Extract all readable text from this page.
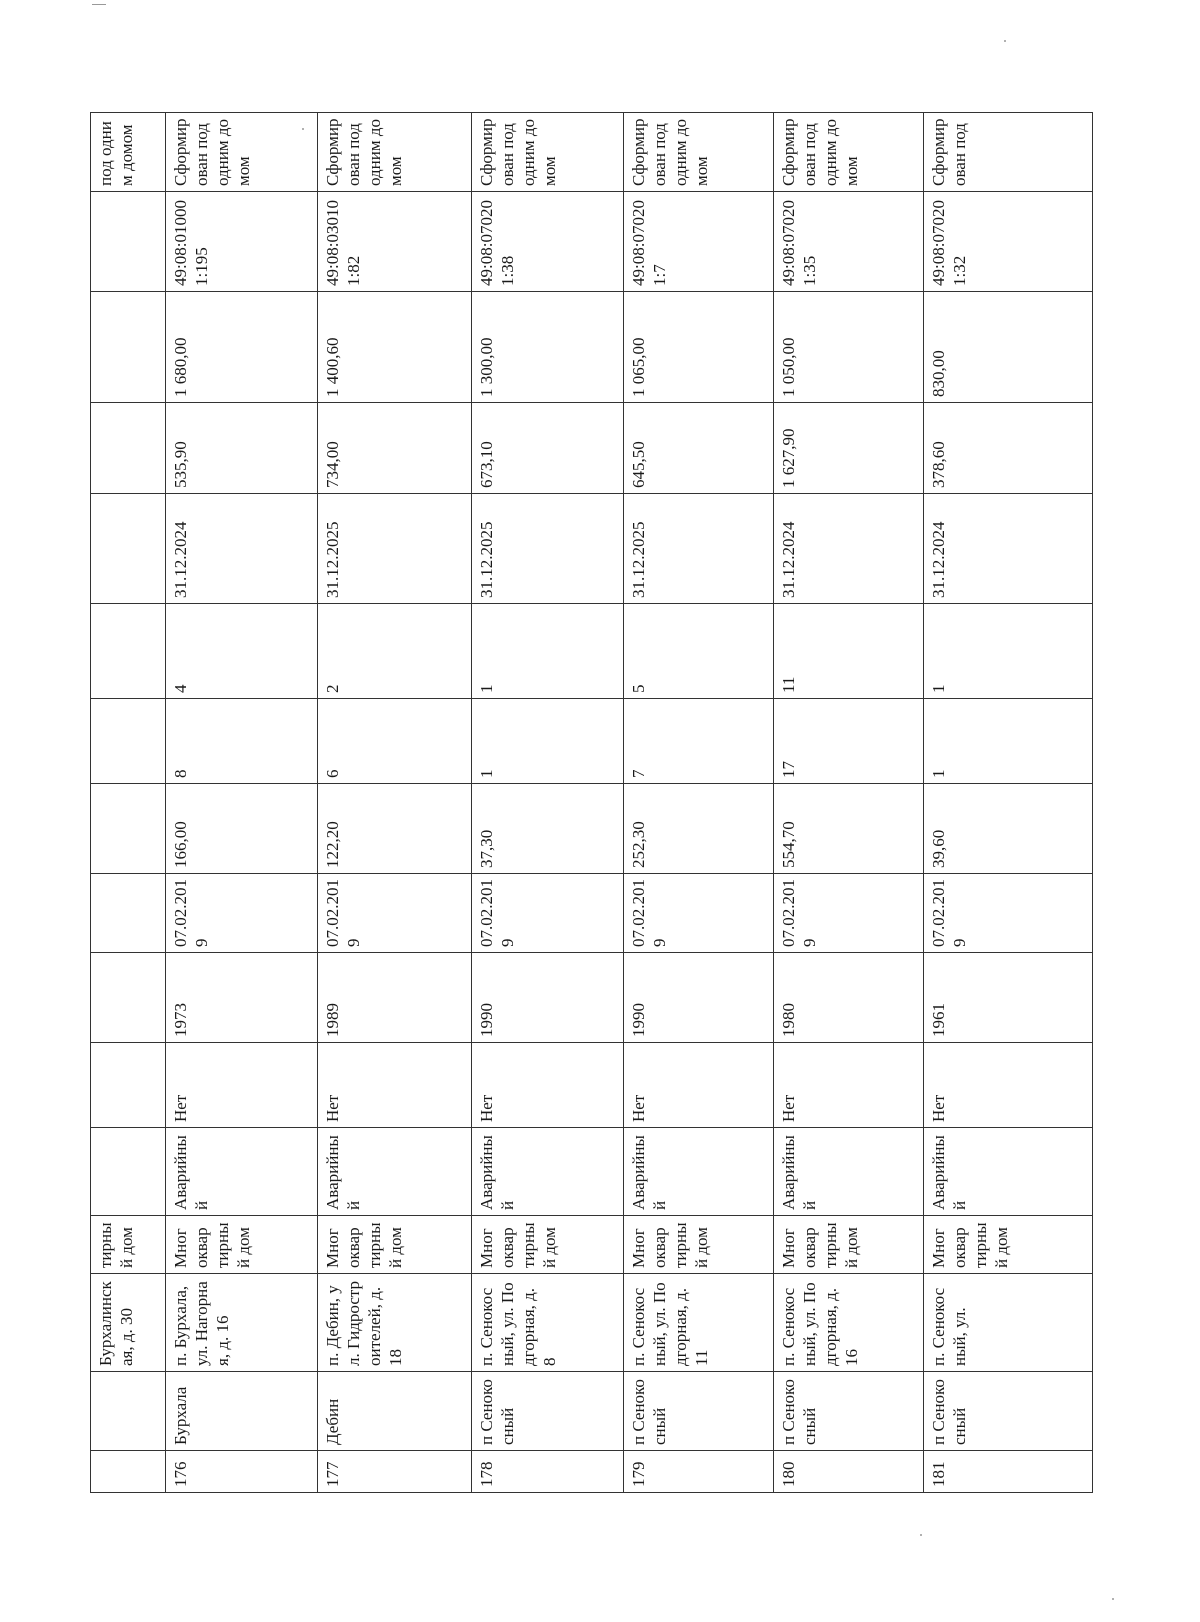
		Бурхалинская, д. 30	тирный дом												под одним домом
176	Бурхала	п. Бурхала, ул. Нагорная, д. 16	Многоквартирный дом	Аварийный	Нет	1973	07.02.2019	166,00	8	4	31.12.2024	535,90	1 680,00	49:08:010001:195	Сформирован под одним домом
177	Дебин	п. Дебин, ул. Гидростроителей, д. 18	Многоквартирный дом	Аварийный	Нет	1989	07.02.2019	122,20	6	2	31.12.2025	734,00	1 400,60	49:08:030101:82	Сформирован под одним домом
178	п Сенокосный	п. Сенокосный, ул. Подгорная, д. 8	Многоквартирный дом	Аварийный	Нет	1990	07.02.2019	37,30	1	1	31.12.2025	673,10	1 300,00	49:08:070201:38	Сформирован под одним домом
179	п Сенокосный	п. Сенокосный, ул. Подгорная, д. 11	Многоквартирный дом	Аварийный	Нет	1990	07.02.2019	252,30	7	5	31.12.2025	645,50	1 065,00	49:08:070201:7	Сформирован под одним домом
180	п Сенокосный	п. Сенокосный, ул. Подгорная, д. 16	Многоквартирный дом	Аварийный	Нет	1980	07.02.2019	554,70	17	11	31.12.2024	1 627,90	1 050,00	49:08:070201:35	Сформирован под одним домом
181	п Сенокосный	п. Сенокосный, ул.	Многоквартирный дом	Аварийный	Нет	1961	07.02.2019	39,60	1	1	31.12.2024	378,60	830,00	49:08:070201:32	Сформирован под
